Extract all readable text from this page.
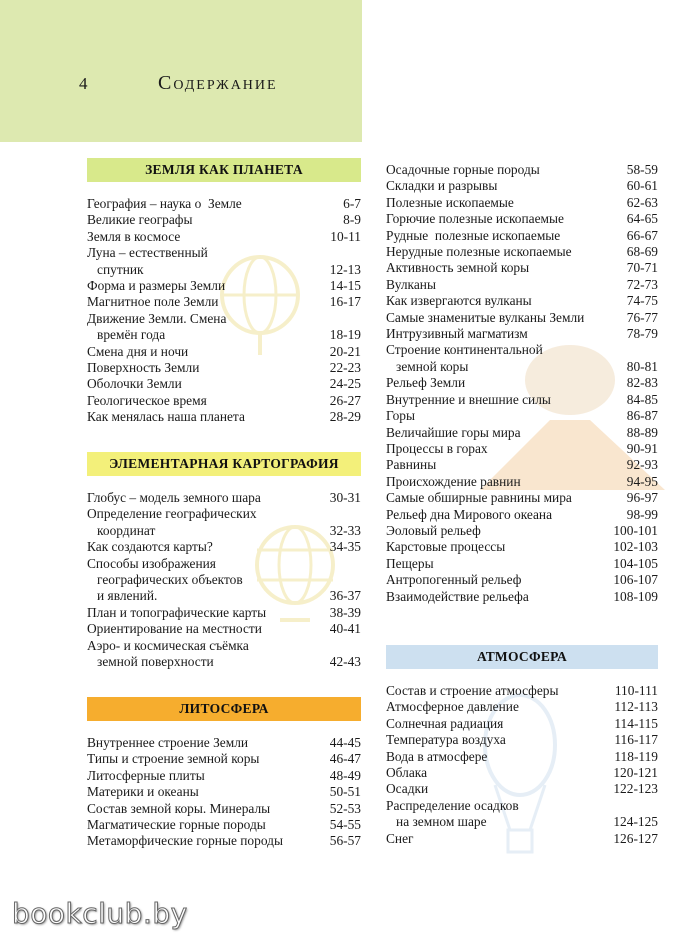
4	Содержание
ЗЕМЛЯ КАК ПЛАНЕТА
География – наука о  Земле	6-7
Великие географы	8-9
Земля в космосе	10-11
Луна – естественный
спутник	12-13
Форма и размеры Земли	14-15
Магнитное поле Земли	16-17
Движение Земли. Смена
времён года	18-19
Смена дня и ночи	20-21
Поверхность Земли	22-23
Оболочки Земли	24-25
Геологическое время	26-27
Как менялась наша планета	28-29
ЭЛЕМЕНТАРНАЯ КАРТОГРАФИЯ
Глобус – модель земного шара	30-31
Определение географических
координат	32-33
Как создаются карты?	34-35
Способы изображения
географических объектов
и явлений.	36-37
План и топографические карты	38-39
Ориентирование на местности	40-41
Аэро- и космическая съёмка
земной поверхности	42-43
ЛИТОСФЕРА
Внутреннее строение Земли	44-45
Типы и строение земной коры	46-47
Литосферные плиты	48-49
Материки и океаны	50-51
Состав земной коры. Минералы	52-53
Магматические горные породы	54-55
Метаморфические горные породы	56-57
Осадочные горные породы	58-59
Складки и разрывы	60-61
Полезные ископаемые	62-63
Горючие полезные ископаемые	64-65
Рудные  полезные ископаемые	66-67
Нерудные полезные ископаемые	68-69
Активность земной коры	70-71
Вулканы	72-73
Как извергаются вулканы	74-75
Самые знаменитые вулканы Земли	76-77
Интрузивный магматизм	78-79
Строение континентальной
земной коры	80-81
Рельеф Земли	82-83
Внутренние и внешние силы	84-85
Горы	86-87
Величайшие горы мира	88-89
Процессы в горах	90-91
Равнины	92-93
Происхождение равнин	94-95
Самые обширные равнины мира	96-97
Рельеф дна Мирового океана	98-99
Эоловый рельеф	100-101
Карстовые процессы	102-103
Пещеры	104-105
Антропогенный рельеф	106-107
Взаимодействие рельефа	108-109
АТМОСФЕРА
Состав и строение атмосферы	110-111
Атмосферное давление	112-113
Солнечная радиация	114-115
Температура воздуха	116-117
Вода в атмосфере	118-119
Облака	120-121
Осадки	122-123
Распределение осадков
на земном шаре	124-125
Снег	126-127
bookclub.by
